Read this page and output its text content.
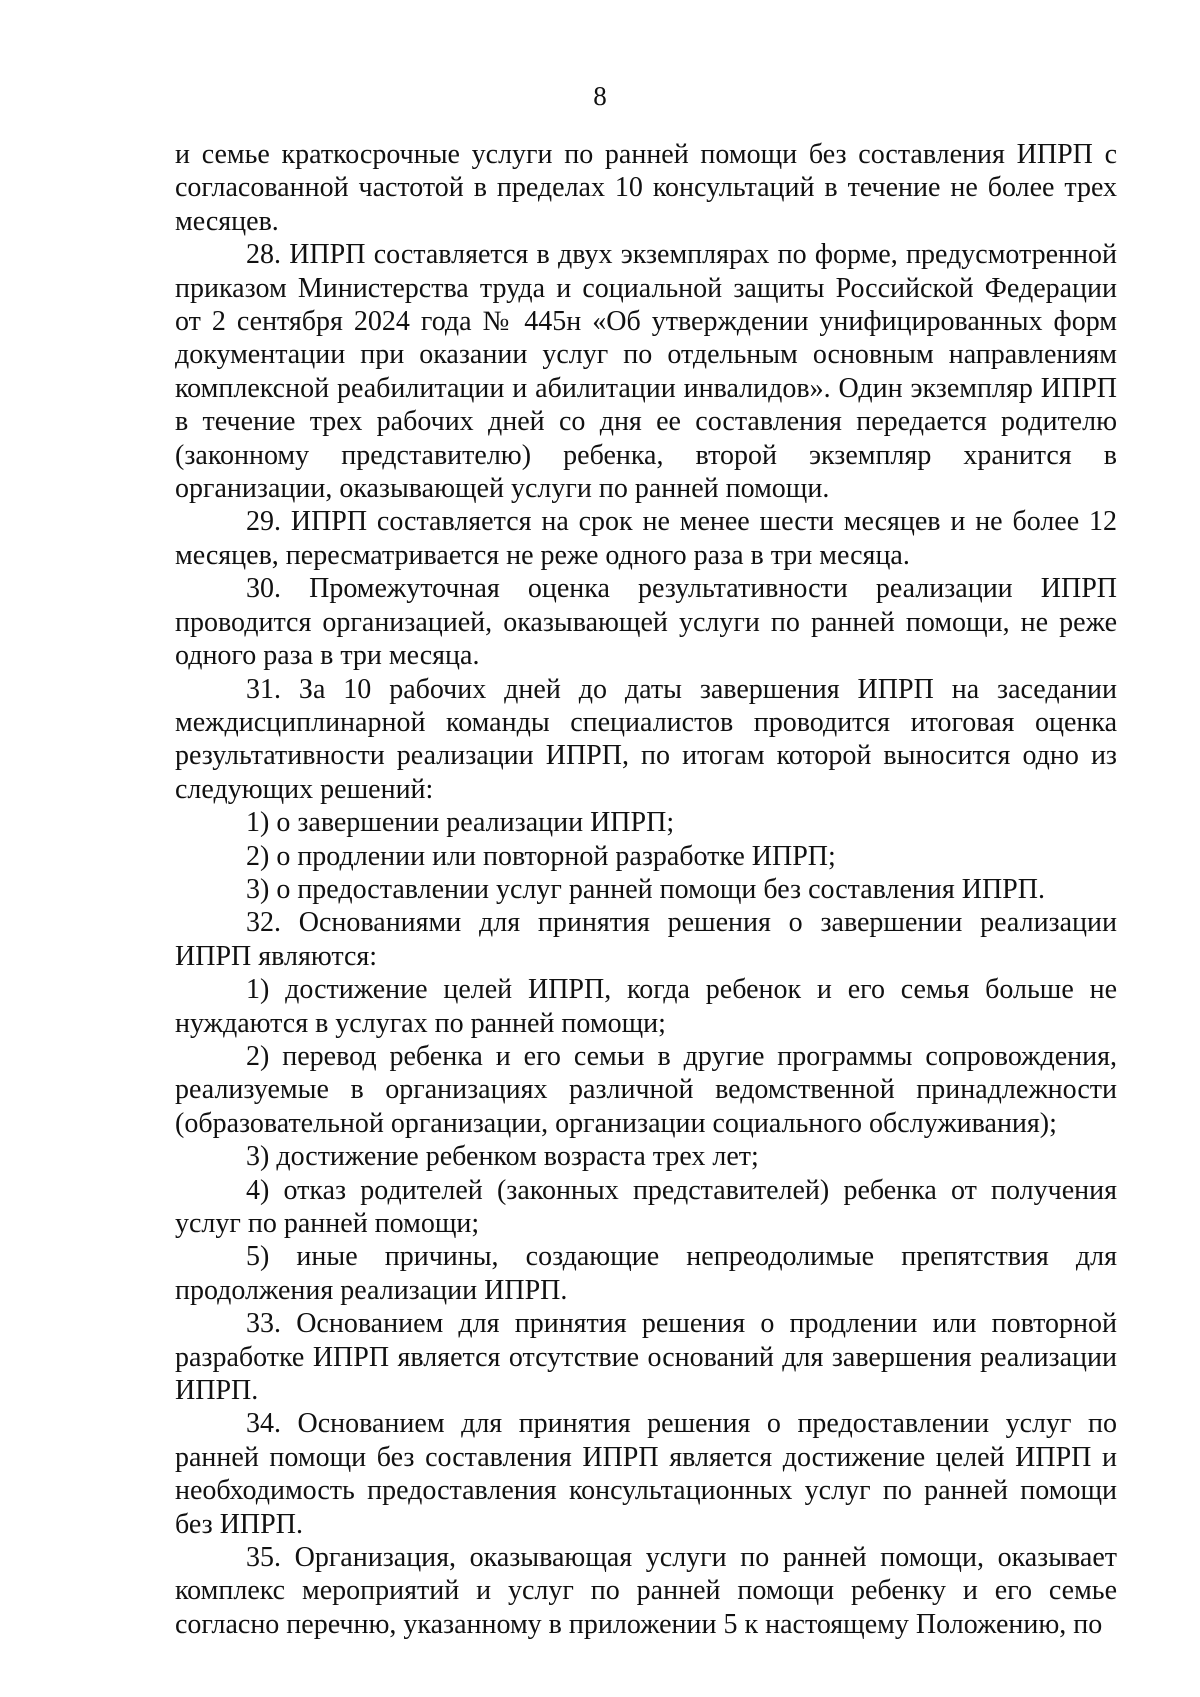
8

и семье краткосрочные услуги по ранней помощи без составления ИПРП с согласованной частотой в пределах 10 консультаций в течение не более трех месяцев.

28. ИПРП составляется в двух экземплярах по форме, предусмотренной приказом Министерства труда и социальной защиты Российской Федерации от 2 сентября 2024 года № 445н «Об утверждении унифицированных форм документации при оказании услуг по отдельным основным направлениям комплексной реабилитации и абилитации инвалидов». Один экземпляр ИПРП в течение трех рабочих дней со дня ее составления передается родителю (законному представителю) ребенка, второй экземпляр хранится в организации, оказывающей услуги по ранней помощи.

29. ИПРП составляется на срок не менее шести месяцев и не более 12 месяцев, пересматривается не реже одного раза в три месяца.

30. Промежуточная оценка результативности реализации ИПРП проводится организацией, оказывающей услуги по ранней помощи, не реже одного раза в три месяца.

31. За 10 рабочих дней до даты завершения ИПРП на заседании междисциплинарной команды специалистов проводится итоговая оценка результативности реализации ИПРП, по итогам которой выносится одно из следующих решений:

1) о завершении реализации ИПРП;

2) о продлении или повторной разработке ИПРП;

3) о предоставлении услуг ранней помощи без составления ИПРП.

32. Основаниями для принятия решения о завершении реализации ИПРП являются:

1) достижение целей ИПРП, когда ребенок и его семья больше не нуждаются в услугах по ранней помощи;

2) перевод ребенка и его семьи в другие программы сопровождения, реализуемые в организациях различной ведомственной принадлежности (образовательной организации, организации социального обслуживания);

3) достижение ребенком возраста трех лет;

4) отказ родителей (законных представителей) ребенка от получения услуг по ранней помощи;

5) иные причины, создающие непреодолимые препятствия для продолжения реализации ИПРП.

33. Основанием для принятия решения о продлении или повторной разработке ИПРП является отсутствие оснований для завершения реализации ИПРП.

34. Основанием для принятия решения о предоставлении услуг по ранней помощи без составления ИПРП является достижение целей ИПРП и необходимость предоставления консультационных услуг по ранней помощи без ИПРП.

35. Организация, оказывающая услуги по ранней помощи, оказывает комплекс мероприятий и услуг по ранней помощи ребенку и его семье согласно перечню, указанному в приложении 5 к настоящему Положению, по
